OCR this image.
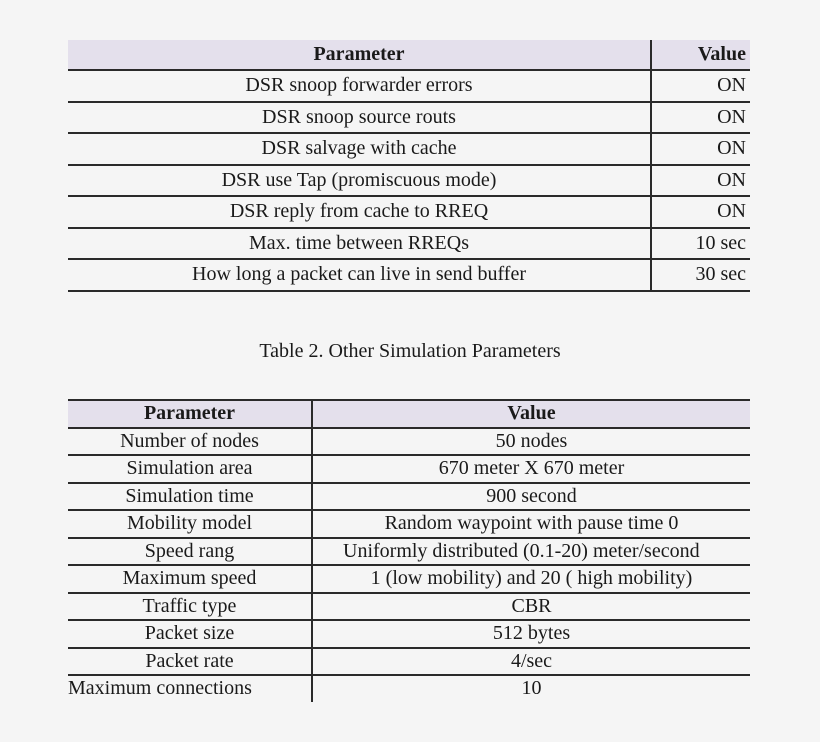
Parameter	Value
DSR snoop forwarder errors	ON
DSR snoop source routs	ON
DSR salvage with cache	ON
DSR use Tap (promiscuous mode)	ON
DSR reply from cache to RREQ	ON
Max. time between RREQs	10 sec
How long a packet can live in send buffer	30 sec
Table 2. Other Simulation Parameters
Parameter	Value
Number of nodes	50 nodes
Simulation area	670 meter X 670 meter
Simulation time	900 second
Mobility model	Random waypoint with pause time 0
Speed rang	Uniformly distributed (0.1-20) meter/second
Maximum speed	1 (low mobility) and 20 ( high mobility)
Traffic type	CBR
Packet size	512 bytes
Packet rate	4/sec
Maximum connections	10
